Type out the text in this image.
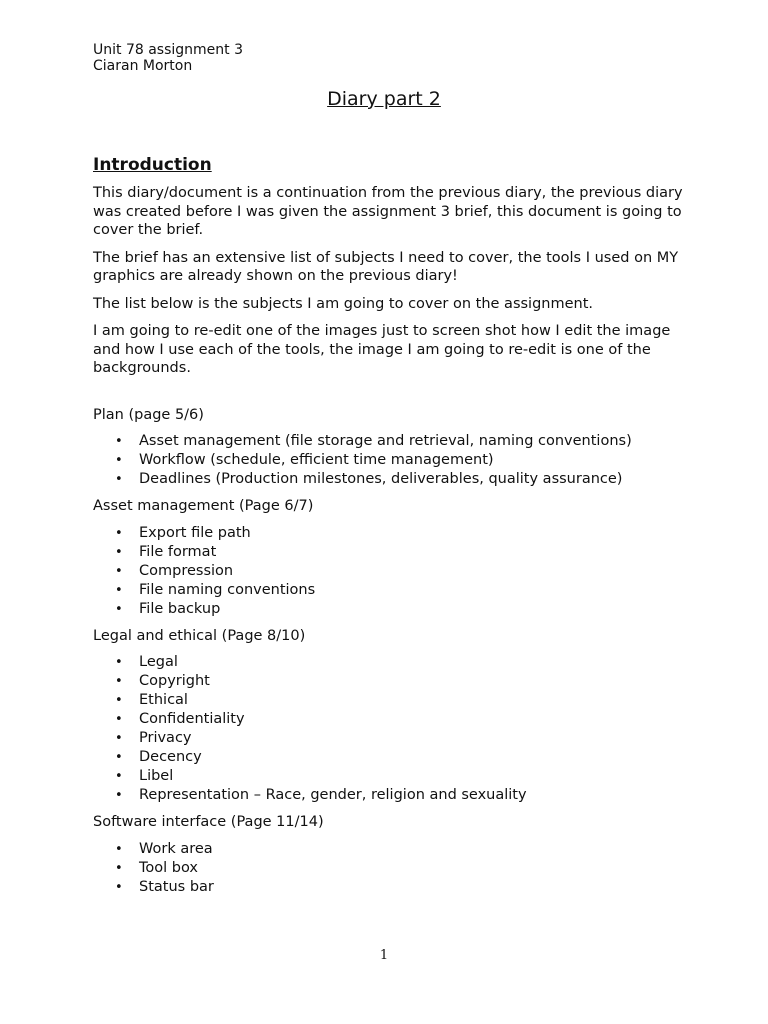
Unit 78 assignment 3
Ciaran Morton
Diary part 2
Introduction

This diary/document is a continuation from the previous diary, the previous diary was created before I was given the assignment 3 brief, this document is going to cover the brief.

The brief has an extensive list of subjects I need to cover, the tools I used on MY graphics are already shown on the previous diary!

The list below is the subjects I am going to cover on the assignment.

I am going to re-edit one of the images just to screen shot how I edit the image and how I use each of the tools, the image I am going to re-edit is one of the backgrounds.

Plan (page 5/6)
• Asset management (file storage and retrieval, naming conventions)
• Workflow (schedule, efficient time management)
• Deadlines (Production milestones, deliverables, quality assurance)
Asset management (Page 6/7)
• Export file path
• File format
• Compression
• File naming conventions
• File backup
Legal and ethical (Page 8/10)
• Legal
• Copyright
• Ethical
• Confidentiality
• Privacy
• Decency
• Libel
• Representation – Race, gender, religion and sexuality
Software interface (Page 11/14)
• Work area
• Tool box
• Status bar
1
